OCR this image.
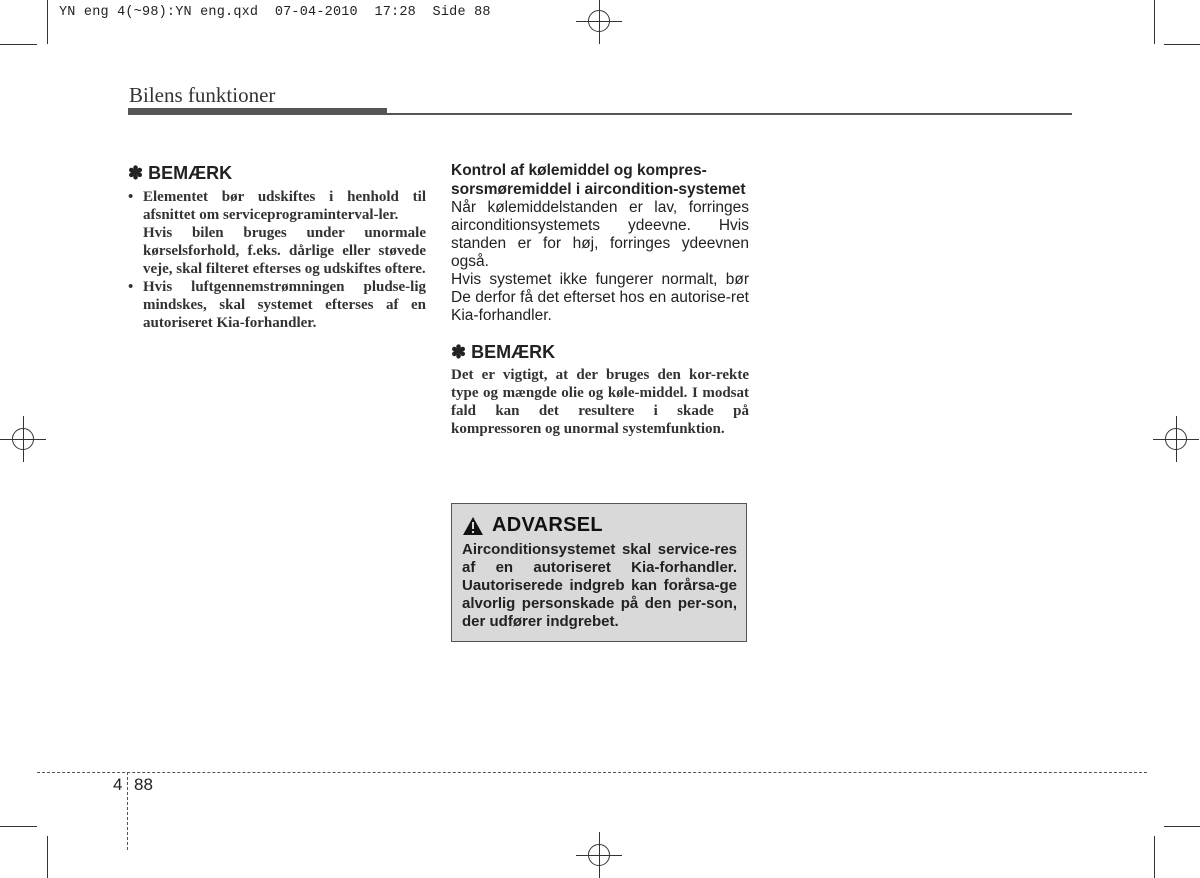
YN eng 4(~98):YN eng.qxd  07-04-2010  17:28  Side 88
Bilens funktioner
✽ BEMÆRK
• Elementet bør udskiftes i henhold til afsnittet om serviceprograminterval-ler.

Hvis bilen bruges under unormale kørselsforhold, f.eks. dårlige eller støvede veje, skal filteret efterses og udskiftes oftere.

• Hvis luftgennemstrømningen pludse-lig mindskes, skal systemet efterses af en autoriseret Kia-forhandler.

Kontrol af kølemiddel og kompres-sorsmøremiddel i aircondition-systemet

Når kølemiddelstanden er lav, forringes airconditionsystemets ydeevne. Hvis standen er for høj, forringes ydeevnen også.

Hvis systemet ikke fungerer normalt, bør De derfor få det efterset hos en autorise-ret Kia-forhandler.

✽ BEMÆRK
Det er vigtigt, at der bruges den kor-rekte type og mængde olie og køle-middel. I modsat fald kan det resultere i skade på kompressoren og unormal systemfunktion.
ADVARSEL
Airconditionsystemet skal service-res af en autoriseret Kia-forhandler. Uautoriserede indgreb kan forårsa-ge alvorlig personskade på den per-son, der udfører indgrebet.
4 88
